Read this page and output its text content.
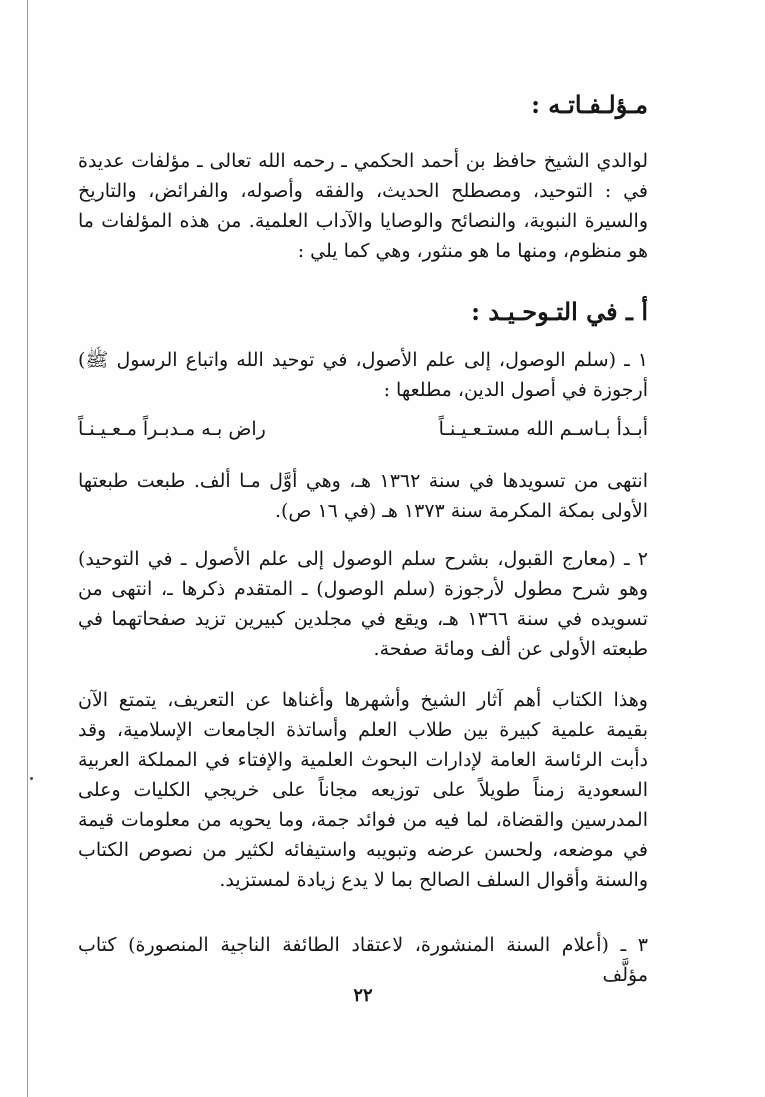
مـؤلـفـاتـه :

لوالدي الشيخ حافظ بن أحمد الحكمي ـ رحمه الله تعالى ـ مؤلفات عديدة في : التوحيد، ومصطلح الحديث، والفقه وأصوله، والفرائض، والتاريخ والسيرة النبوية، والنصائح والوصايا والآداب العلمية. من هذه المؤلفات ما هو منظوم، ومنها ما هو منثور، وهي كما يلي :

أ ـ في التـوحـيـد :

١ ـ (سلم الوصول، إلى علم الأصول، في توحيد الله واتباع الرسول ﷺ) أرجوزة في أصول الدين، مطلعها :

أبـدأ بـاسـم الله مستـعـيـنـاً
راض بـه مـدبـراً مـعـيـنـاً

انتهى من تسويدها في سنة ١٣٦٢ هـ، وهي أوَّل مـا ألف. طبعت طبعتها الأولى بمكة المكرمة سنة ١٣٧٣ هـ (في ١٦ ص).

٢ ـ (معارج القبول، بشرح سلم الوصول إلى علم الأصول ـ في التوحيد) وهو شرح مطول لأرجوزة (سلم الوصول) ـ المتقدم ذكرها ـ، انتهى من تسويده في سنة ١٣٦٦ هـ، ويقع في مجلدين كبيرين تزيد صفحاتهما في طبعته الأولى عن ألف ومائة صفحة.

وهذا الكتاب أهم آثار الشيخ وأشهرها وأغناها عن التعريف، يتمتع الآن بقيمة علمية كبيرة بين طلاب العلم وأساتذة الجامعات الإسلامية، وقد دأبت الرئاسة العامة لإدارات البحوث العلمية والإفتاء في المملكة العربية السعودية زمناً طويلاً على توزيعه مجاناً على خريجي الكليات وعلى المدرسين والقضاة، لما فيه من فوائد جمة، وما يحويه من معلومات قيمة في موضعه، ولحسن عرضه وتبويبه واستيفائه لكثير من نصوص الكتاب والسنة وأقوال السلف الصالح بما لا يدع زيادة لمستزيد.

٣ ـ (أعلام السنة المنشورة، لاعتقاد الطائفة الناجية المنصورة) كتاب مؤلَّف

٢٢
